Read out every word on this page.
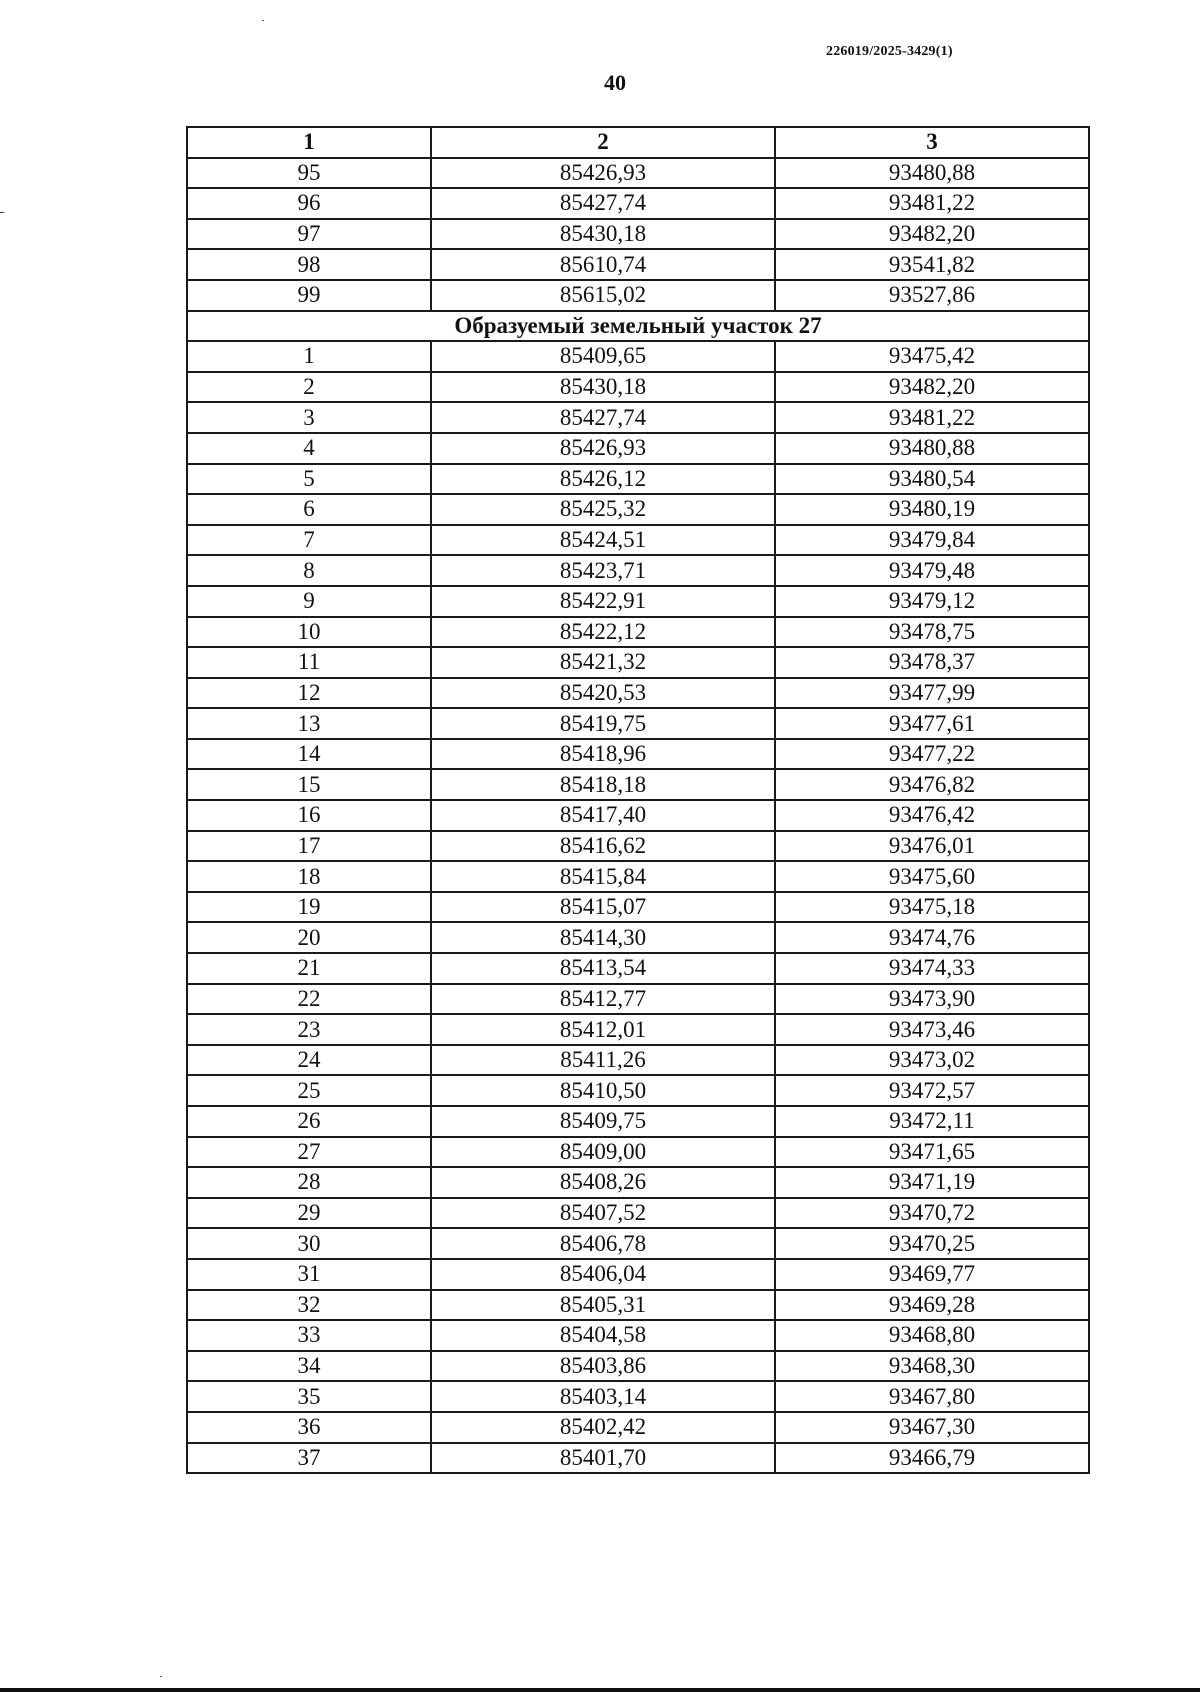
226019/2025-3429(1)
40
1	2	3
95	85426,93	93480,88
96	85427,74	93481,22
97	85430,18	93482,20
98	85610,74	93541,82
99	85615,02	93527,86
Образуемый земельный участок 27		
1	85409,65	93475,42
2	85430,18	93482,20
3	85427,74	93481,22
4	85426,93	93480,88
5	85426,12	93480,54
6	85425,32	93480,19
7	85424,51	93479,84
8	85423,71	93479,48
9	85422,91	93479,12
10	85422,12	93478,75
11	85421,32	93478,37
12	85420,53	93477,99
13	85419,75	93477,61
14	85418,96	93477,22
15	85418,18	93476,82
16	85417,40	93476,42
17	85416,62	93476,01
18	85415,84	93475,60
19	85415,07	93475,18
20	85414,30	93474,76
21	85413,54	93474,33
22	85412,77	93473,90
23	85412,01	93473,46
24	85411,26	93473,02
25	85410,50	93472,57
26	85409,75	93472,11
27	85409,00	93471,65
28	85408,26	93471,19
29	85407,52	93470,72
30	85406,78	93470,25
31	85406,04	93469,77
32	85405,31	93469,28
33	85404,58	93468,80
34	85403,86	93468,30
35	85403,14	93467,80
36	85402,42	93467,30
37	85401,70	93466,79
